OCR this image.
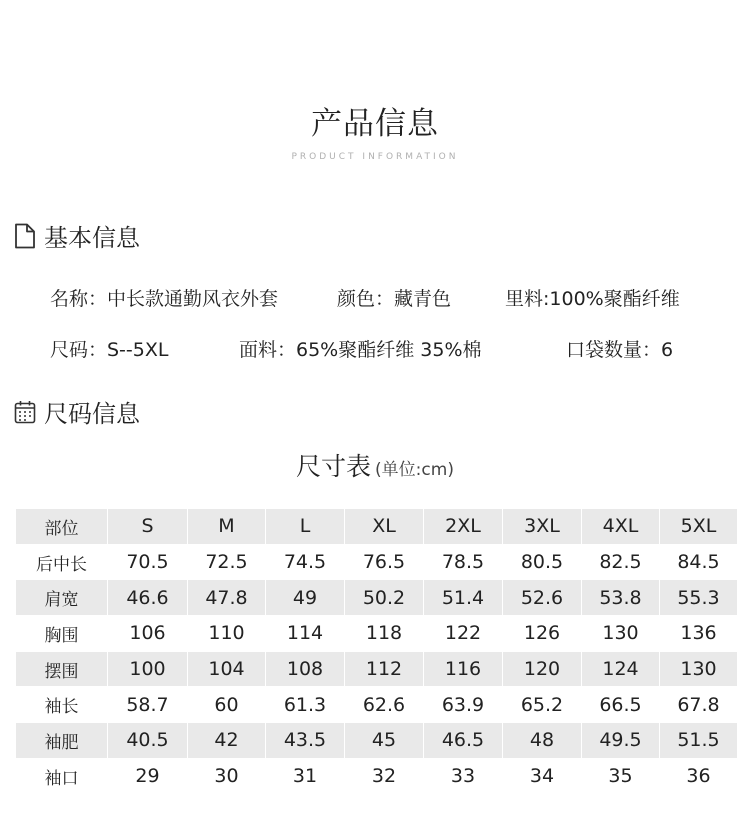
产品信息
PRODUCT INFORMATION
基本信息
名称：中长款通勤风衣外套	颜色：藏青色	里料:100%聚酯纤维
尺码：S--5XL	面料：65%聚酯纤维 35%棉	口袋数量：6
尺码信息
尺寸表 (单位:cm)
部位	S	M	L	XL	2XL	3XL	4XL	5XL
后中长	70.5	72.5	74.5	76.5	78.5	80.5	82.5	84.5
肩宽	46.6	47.8	49	50.2	51.4	52.6	53.8	55.3
胸围	106	110	114	118	122	126	130	136
摆围	100	104	108	112	116	120	124	130
袖长	58.7	60	61.3	62.6	63.9	65.2	66.5	67.8
袖肥	40.5	42	43.5	45	46.5	48	49.5	51.5
袖口	29	30	31	32	33	34	35	36
